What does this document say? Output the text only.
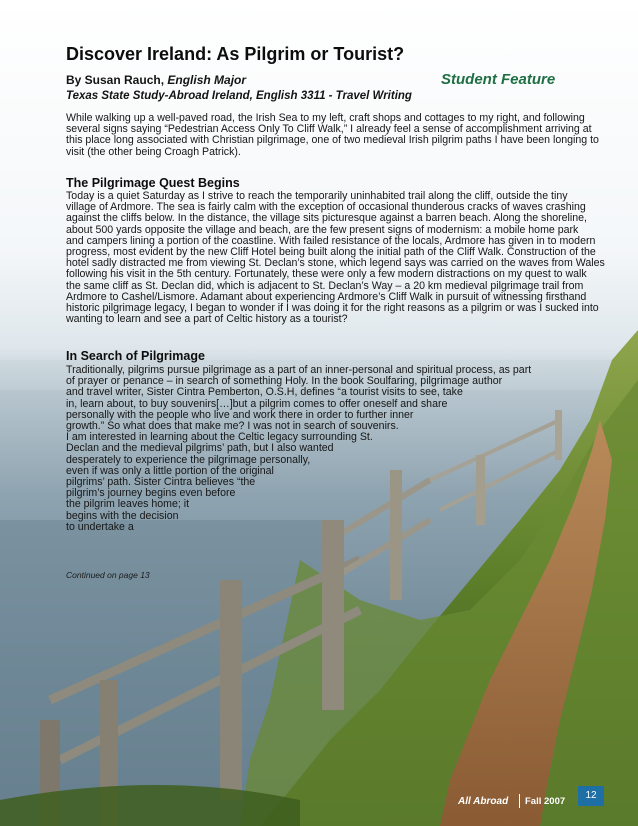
Discover Ireland: As Pilgrim or Tourist?
By Susan Rauch, English Major
Texas State Study-Abroad Ireland, English 3311 - Travel Writing
Student Feature
While walking up a well-paved road, the Irish Sea to my left, craft shops and cottages to my right, and following
several signs saying “Pedestrian Access Only To Cliff Walk,” I already feel a sense of accomplishment arriving at
this place long associated with Christian pilgrimage, one of two medieval Irish pilgrim paths I have been longing to
visit (the other being Croagh Patrick).
The Pilgrimage Quest Begins
Today is a quiet Saturday as I strive to reach the temporarily uninhabited trail along the cliff, outside the tiny
village of Ardmore. The sea is fairly calm with the exception of occasional thunderous cracks of waves crashing
against the cliffs below. In the distance, the village sits picturesque against a barren beach. Along the shoreline,
about 500 yards opposite the village and beach, are the few present signs of modernism: a mobile home park
and campers lining a portion of the coastline. With failed resistance of the locals, Ardmore has given in to modern
progress, most evident by the new Cliff Hotel being built along the initial path of the Cliff Walk. Construction of the
hotel sadly distracted me from viewing St. Declan’s stone, which legend says was carried on the waves from Wales
following his visit in the 5th century. Fortunately, these were only a few modern distractions on my quest to walk
the same cliff as St. Declan did, which is adjacent to St. Declan’s Way – a 20 km medieval pilgrimage trail from
Ardmore to Cashel/Lismore. Adamant about experiencing Ardmore’s Cliff Walk in pursuit of witnessing firsthand
historic pilgrimage legacy, I began to wonder if I was doing it for the right reasons as a pilgrim or was I sucked into
wanting to learn and see a part of Celtic history as a tourist?
In Search of Pilgrimage
Traditionally, pilgrims pursue pilgrimage as a part of an inner-personal and spiritual process, as part
of prayer or penance – in search of something Holy. In the book Soulfaring, pilgrimage author
and travel writer, Sister Cintra Pemberton, O.S.H, defines “a tourist visits to see, take
in, learn about, to buy souvenirs[…]but a pilgrim comes to offer oneself and share
personally with the people who live and work there in order to further inner
growth.” So what does that make me? I was not in search of souvenirs.
I am interested in learning about the Celtic legacy surrounding St.
Declan and the medieval pilgrims’ path, but I also wanted
desperately to experience the pilgrimage personally,
even if was only a little portion of the original
pilgrims’ path. Sister Cintra believes “the
pilgrim’s journey begins even before
the pilgrim leaves home; it
begins with the decision
to undertake a
Continued on page 13
All Abroad Fall 2007
12
